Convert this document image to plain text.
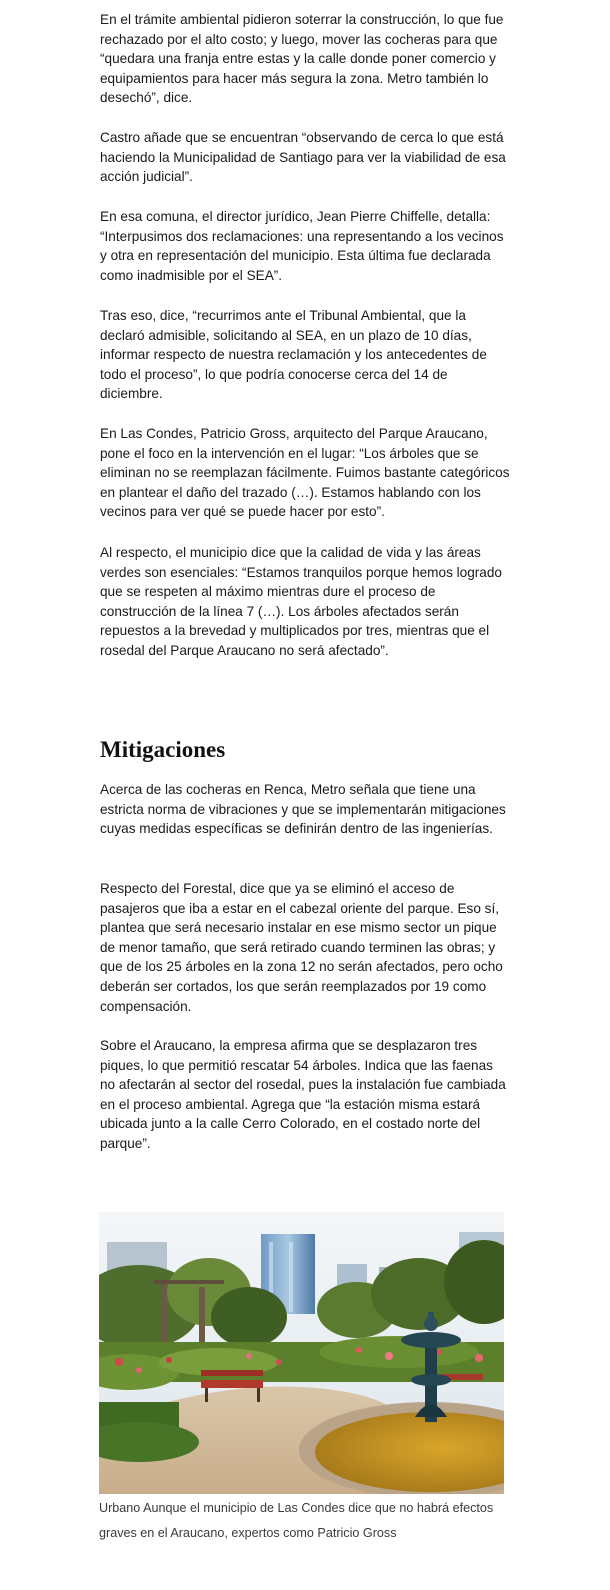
En el trámite ambiental pidieron soterrar la construcción, lo que fue rechazado por el alto costo; y luego, mover las cocheras para que “quedara una franja entre estas y la calle donde poner comercio y equipamientos para hacer más segura la zona. Metro también lo desechó”, dice.

Castro añade que se encuentran “observando de cerca lo que está haciendo la Municipalidad de Santiago para ver la viabilidad de esa acción judicial”.

En esa comuna, el director jurídico, Jean Pierre Chiffelle, detalla: “Interpusimos dos reclamaciones: una representando a los vecinos y otra en representación del municipio. Esta última fue declarada como inadmisible por el SEA”.

Tras eso, dice, “recurrimos ante el Tribunal Ambiental, que la declaró admisible, solicitando al SEA, en un plazo de 10 días, informar respecto de nuestra reclamación y los antecedentes de todo el proceso”, lo que podría conocerse cerca del 14 de diciembre.

En Las Condes, Patricio Gross, arquitecto del Parque Araucano, pone el foco en la intervención en el lugar: “Los árboles que se eliminan no se reemplazan fácilmente. Fuimos bastante categóricos en plantear el daño del trazado (…). Estamos hablando con los vecinos para ver qué se puede hacer por esto”.

Al respecto, el municipio dice que la calidad de vida y las áreas verdes son esenciales: “Estamos tranquilos porque hemos logrado que se respeten al máximo mientras dure el proceso de construcción de la línea 7 (…). Los árboles afectados serán repuestos a la brevedad y multiplicados por tres, mientras que el rosedal del Parque Araucano no será afectado”.

Mitigaciones

Acerca de las cocheras en Renca, Metro señala que tiene una estricta norma de vibraciones y que se implementarán mitigaciones cuyas medidas específicas se definirán dentro de las ingenierías.

Respecto del Forestal, dice que ya se eliminó el acceso de pasajeros que iba a estar en el cabezal oriente del parque. Eso sí, plantea que será necesario instalar en ese mismo sector un pique de menor tamaño, que será retirado cuando terminen las obras; y que de los 25 árboles en la zona 12 no serán afectados, pero ocho deberán ser cortados, los que serán reemplazados por 19 como compensación.

Sobre el Araucano, la empresa afirma que se desplazaron tres piques, lo que permitió rescatar 54 árboles. Indica que las faenas no afectarán al sector del rosedal, pues la instalación fue cambiada en el proceso ambiental. Agrega que “la estación misma estará ubicada junto a la calle Cerro Colorado, en el costado norte del parque”.

Urbano Aunque el municipio de Las Condes dice que no habrá efectos graves en el Araucano, expertos como Patricio Gross
